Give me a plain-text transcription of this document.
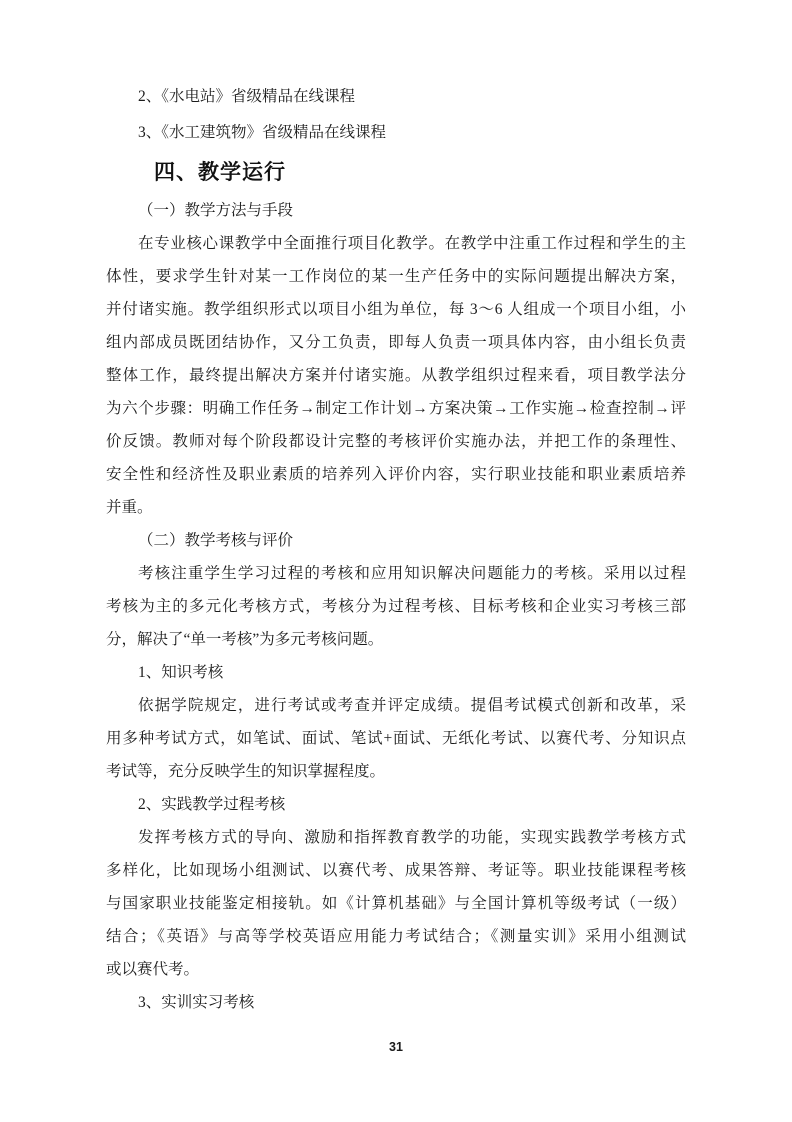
2、《水电站》省级精品在线课程
3、《水工建筑物》省级精品在线课程
四、教学运行
（一）教学方法与手段
在专业核心课教学中全面推行项目化教学。在教学中注重工作过程和学生的主
体性，要求学生针对某一工作岗位的某一生产任务中的实际问题提出解决方案，
并付诸实施。教学组织形式以项目小组为单位，每 3～6 人组成一个项目小组，小
组内部成员既团结协作，又分工负责，即每人负责一项具体内容，由小组长负责
整体工作，最终提出解决方案并付诸实施。从教学组织过程来看，项目教学法分
为六个步骤：明确工作任务→制定工作计划→方案决策→工作实施→检查控制→评
价反馈。教师对每个阶段都设计完整的考核评价实施办法，并把工作的条理性、
安全性和经济性及职业素质的培养列入评价内容，实行职业技能和职业素质培养
并重。
（二）教学考核与评价
考核注重学生学习过程的考核和应用知识解决问题能力的考核。采用以过程
考核为主的多元化考核方式，考核分为过程考核、目标考核和企业实习考核三部
分，解决了“单一考核”为多元考核问题。
1、知识考核
依据学院规定，进行考试或考查并评定成绩。提倡考试模式创新和改革，采
用多种考试方式，如笔试、面试、笔试+面试、无纸化考试、以赛代考、分知识点
考试等，充分反映学生的知识掌握程度。
2、实践教学过程考核
发挥考核方式的导向、激励和指挥教育教学的功能，实现实践教学考核方式
多样化，比如现场小组测试、以赛代考、成果答辩、考证等。职业技能课程考核
与国家职业技能鉴定相接轨。如《计算机基础》与全国计算机等级考试（一级）
结合；《英语》与高等学校英语应用能力考试结合；《测量实训》采用小组测试
或以赛代考。
3、实训实习考核
31
